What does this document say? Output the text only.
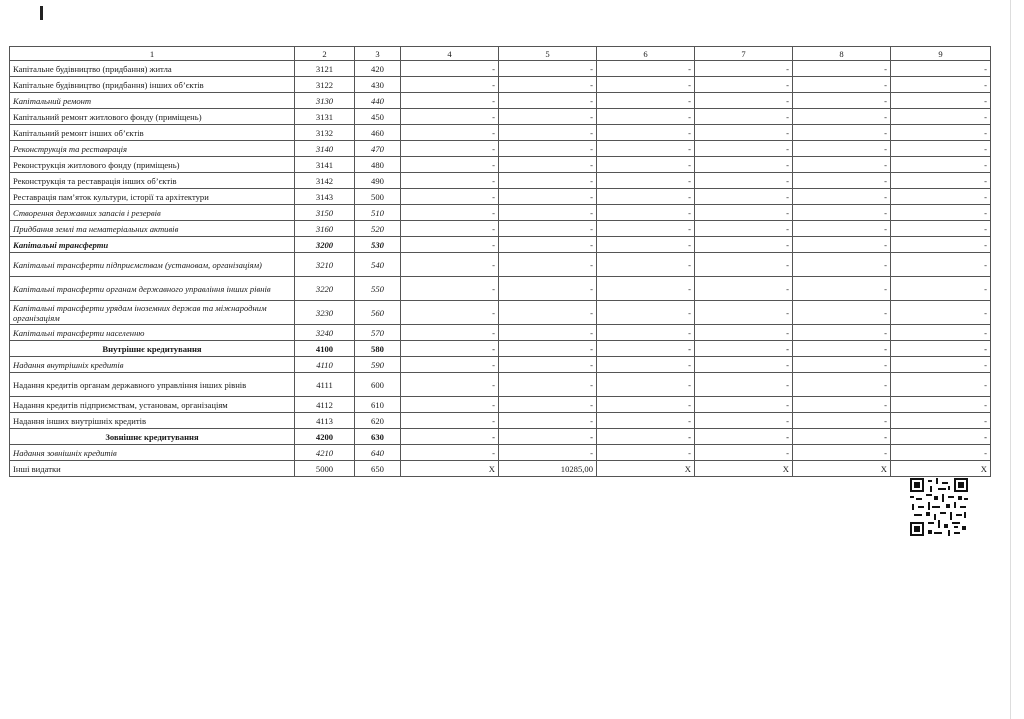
1	2	3	4	5	6	7	8	9
Капітальне будівництво (придбання) житла	3121	420	-	-	-	-	-	-
Капітальне будівництво (придбання) інших об’єктів	3122	430	-	-	-	-	-	-
Капітальний ремонт	3130	440	-	-	-	-	-	-
Капітальний ремонт житлового фонду (приміщень)	3131	450	-	-	-	-	-	-
Капітальний ремонт інших об’єктів	3132	460	-	-	-	-	-	-
Реконструкція та реставрація	3140	470	-	-	-	-	-	-
Реконструкція житлового фонду (приміщень)	3141	480	-	-	-	-	-	-
Реконструкція та реставрація інших об’єктів	3142	490	-	-	-	-	-	-
Реставрація пам’яток культури, історії та архітектури	3143	500	-	-	-	-	-	-
Створення державних запасів і резервів	3150	510	-	-	-	-	-	-
Придбання землі та нематеріальних активів	3160	520	-	-	-	-	-	-
Капітальні трансферти	3200	530	-	-	-	-	-	-
Капітальні трансферти підприємствам (установам, організаціям)	3210	540	-	-	-	-	-	-
Капітальні трансферти органам державного управління інших рівнів	3220	550	-	-	-	-	-	-
Капітальні трансферти урядам іноземних держав та міжнародним організаціям	3230	560	-	-	-	-	-	-
Капітальні трансферти населенню	3240	570	-	-	-	-	-	-
Внутрішнє кредитування	4100	580	-	-	-	-	-	-
Надання внутрішніх кредитів	4110	590	-	-	-	-	-	-
Надання кредитів органам державного управління інших рівнів	4111	600	-	-	-	-	-	-
Надання кредитів підприємствам, установам, організаціям	4112	610	-	-	-	-	-	-
Надання інших внутрішніх кредитів	4113	620	-	-	-	-	-	-
Зовнішнє кредитування	4200	630	-	-	-	-	-	-
Надання зовнішніх кредитів	4210	640	-	-	-	-	-	-
Інші видатки	5000	650	X	10285,00	X	X	X	X
